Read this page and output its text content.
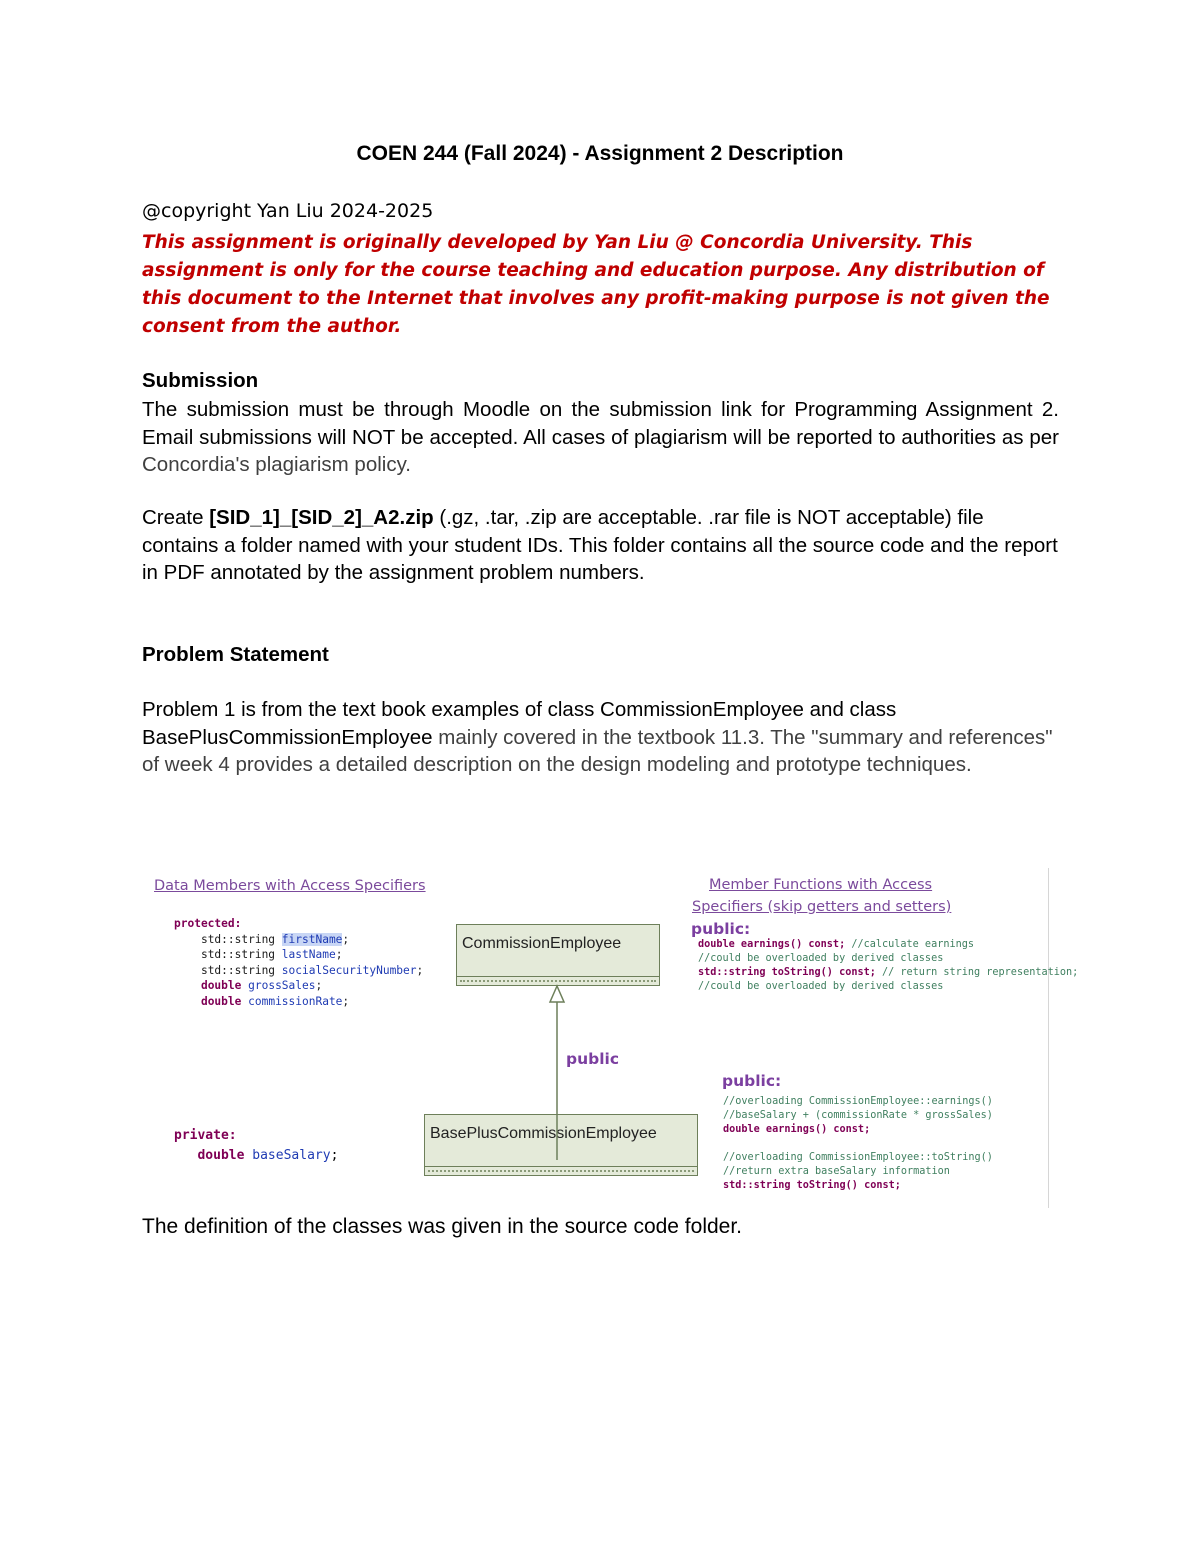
COEN 244 (Fall 2024) - Assignment 2 Description
@copyright Yan Liu 2024-2025
This assignment is originally developed by Yan Liu @ Concordia University. This assignment is only for the course teaching and education purpose. Any distribution of this document to the Internet that involves any profit-making purpose is not given the consent from the author.
Submission
The submission must be through Moodle on the submission link for Programming Assignment 2. Email submissions will NOT be accepted. All cases of plagiarism will be reported to authorities as per Concordia's plagiarism policy.
Create [SID_1]_[SID_2]_A2.zip (.gz, .tar, .zip are acceptable. .rar file is NOT acceptable) file contains a folder named with your student IDs. This folder contains all the source code and the report in PDF annotated by the assignment problem numbers.
Problem Statement
Problem 1 is from the text book examples of class CommissionEmployee and class BasePlusCommissionEmployee mainly covered in the textbook 11.3. The "summary and references" of week 4 provides a detailed description on the design modeling and prototype techniques.
Data Members with Access Specifiers	Member Functions with Access
Specifiers (skip getters and setters)
protected:
std::string firstName;
std::string lastName;
std::string socialSecurityNumber;
double grossSales;
double commissionRate;
private:
double baseSalary;
CommissionEmployee
BasePlusCommissionEmployee
public
public:
double earnings() const; //calculate earnings
//could be overloaded by derived classes
std::string toString() const; // return string representation;
//could be overloaded by derived classes
public:
//overloading CommissionEmployee::earnings()
//baseSalary + (commissionRate * grossSales)
double earnings() const;

//overloading CommissionEmployee::toString()
//return extra baseSalary information
std::string toString() const;
The definition of the classes was given in the source code folder.
